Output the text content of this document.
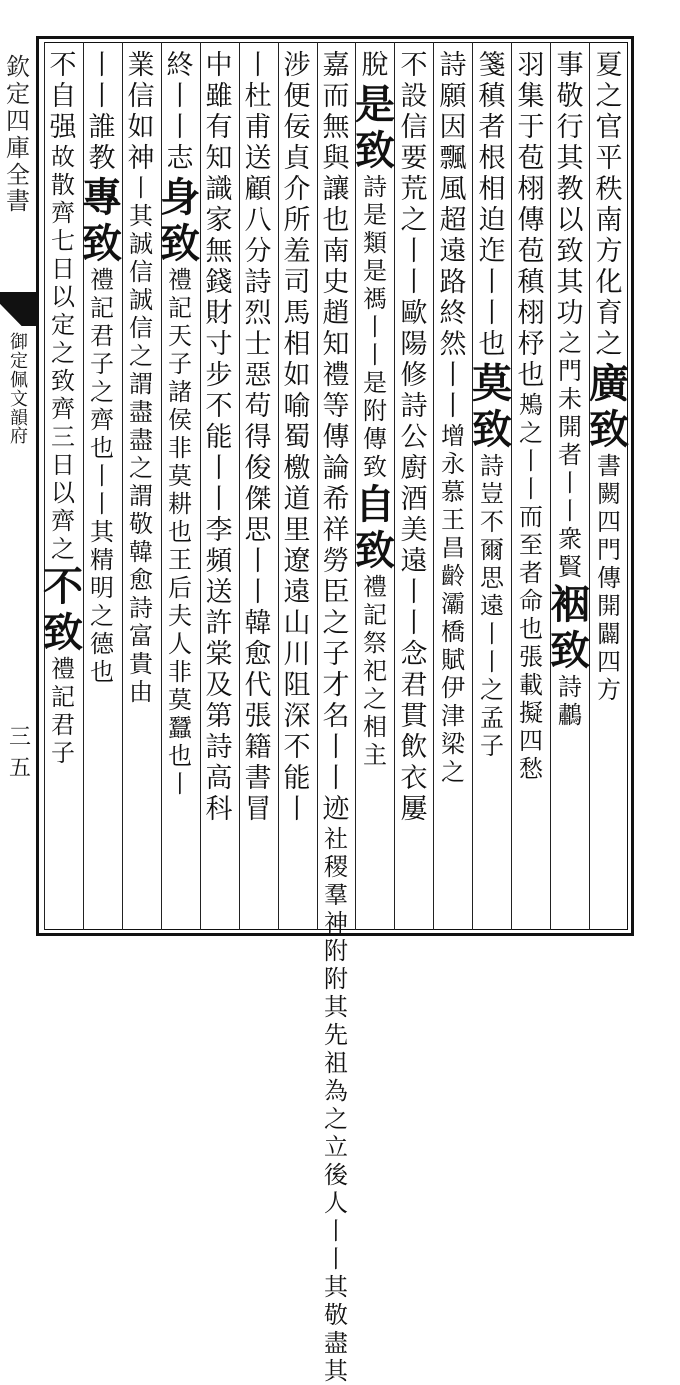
欽定四庫全書
御定佩文韻府
三五
夏
之
官
平
秩
南
方
化
育
之
廣
致
書
闕
四
門
傳
開
闢
四
方
事
敬
行
其
教
以
致
其
功
之
門
未
開
者
丨
丨
衆
賢
裀
致
詩
鷫
羽
集
于
苞
栩
傳
苞
稹
栩
杼
也
鴂
之
丨
丨
而
至
者
命
也
張
載
擬
四
愁
箋
稹
者
根
相
迫
迮
丨
丨
也
莫
致
詩
豈
不
爾
思
遠
丨
丨
之
孟
子
詩
願
因
飄
風
超
遠
路
終
然
丨
丨
增
永
慕
王
昌
齡
灞
橋
賦
伊
津
梁
之
不
設
信
要
荒
之
丨
丨
歐
陽
修
詩
公
廚
酒
美
遠
丨
丨
念
君
貫
飲
衣
屢
脫
是
致
詩
是
類
是
禡
丨
丨
是
附
傳
致
自
致
禮
記
祭
祀
之
相
主
嘉
而
無
與
讓
也
南
史
趙
知
禮
等
傳
論
希
祥
勞
臣
之
子
才
名
丨
丨
迹
社
稷
羣
神
附
附
其
先
祖
為
之
立
後
人
丨
丨
其
敬
盡
其
涉
便
佞
貞
介
所
羞
司
馬
相
如
喻
蜀
檄
道
里
遼
遠
山
川
阻
深
不
能
丨
丨
杜
甫
送
顧
八
分
詩
烈
士
惡
苟
得
俊
傑
思
丨
丨
韓
愈
代
張
籍
書
冒
中
雖
有
知
識
家
無
錢
財
寸
步
不
能
丨
丨
李
頻
送
許
棠
及
第
詩
高
科
終
丨
丨
志
身
致
禮
記
天
子
諸
侯
非
莫
耕
也
王
后
夫
人
非
莫
蠶
也
丨
業
信
如
神
丨
其
誠
信
誠
信
之
謂
盡
盡
之
謂
敬
韓
愈
詩
富
貴
由
丨
丨
誰
教
專
致
禮
記
君
子
之
齊
也
丨
丨
其
精
明
之
德
也
不
自
强
故
散
齊
七
日
以
定
之
致
齊
三
日
以
齊
之
不
致
禮
記
君
子
